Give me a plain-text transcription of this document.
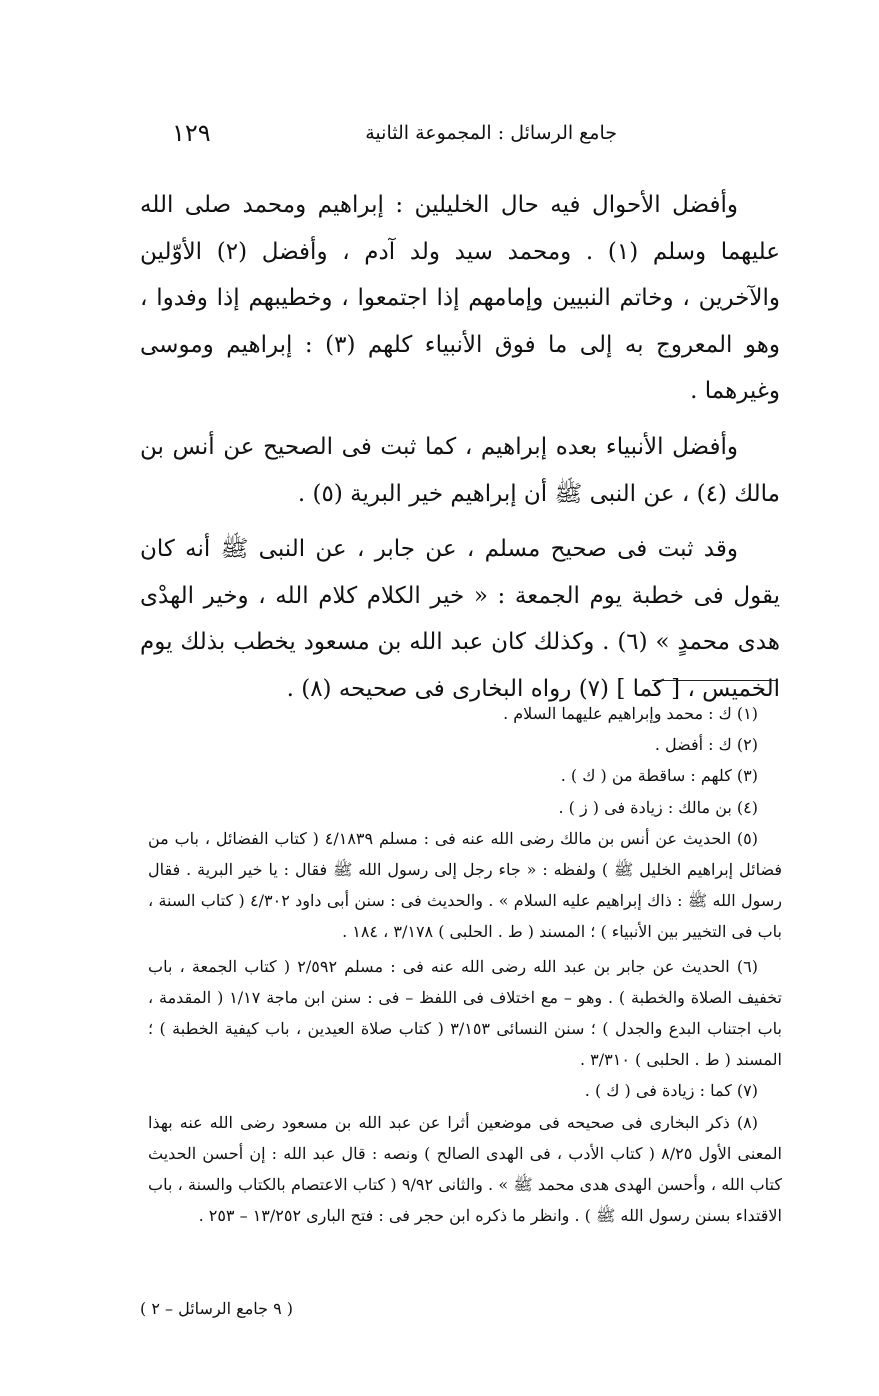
جامع الرسائل : المجموعة الثانية
١٢٩

وأفضل الأحوال فيه حال الخليلين : إبراهيم ومحمد صلى الله عليهما وسلم (١) . ومحمد سيد ولد آدم ، وأفضل (٢) الأوّلين والآخرين ، وخاتم النبيين وإمامهم إذا اجتمعوا ، وخطيبهم إذا وفدوا ، وهو المعروج به إلى ما فوق الأنبياء كلهم (٣) : إبراهيم وموسى وغيرهما .

وأفضل الأنبياء بعده إبراهيم ، كما ثبت فى الصحيح عن أنس بن مالك (٤) ، عن النبى ﷺ أن إبراهيم خير البرية (٥) .

وقد ثبت فى صحيح مسلم ، عن جابر ، عن النبى ﷺ أنه كان يقول فى خطبة يوم الجمعة : « خير الكلام كلام الله ، وخير الهدْى هدى محمدٍ » (٦) . وكذلك كان عبد الله بن مسعود يخطب بذلك يوم الخميس ، [ كما ] (٧) رواه البخارى فى صحيحه (٨) .

(١) ك : محمد وإبراهيم عليهما السلام .

(٢) ك : أفضل .

(٣) كلهم : ساقطة من ( ك ) .

(٤) بن مالك : زيادة فى ( ز ) .

(٥) الحديث عن أنس بن مالك رضى الله عنه فى : مسلم ٤/١٨٣٩ ( كتاب الفضائل ، باب من فضائل إبراهيم الخليل ﷺ ) ولفظه : « جاء رجل إلى رسول الله ﷺ فقال : يا خير البرية . فقال رسول الله ﷺ : ذاك إبراهيم عليه السلام » . والحديث فى : سنن أبى داود ٤/٣٠٢ ( كتاب السنة ، باب فى التخيير بين الأنبياء ) ؛ المسند ( ط . الحلبى ) ٣/١٧٨ ، ١٨٤ .

(٦) الحديث عن جابر بن عبد الله رضى الله عنه فى : مسلم ٢/٥٩٢ ( كتاب الجمعة ، باب تخفيف الصلاة والخطبة ) . وهو – مع اختلاف فى اللفظ – فى : سنن ابن ماجة ١/١٧ ( المقدمة ، باب اجتناب البدع والجدل ) ؛ سنن النسائى ٣/١٥٣ ( كتاب صلاة العيدين ، باب كيفية الخطبة ) ؛ المسند ( ط . الحلبى ) ٣/٣١٠ .

(٧) كما : زيادة فى ( ك ) .

(٨) ذكر البخارى فى صحيحه فى موضعين أثرا عن عبد الله بن مسعود رضى الله عنه بهذا المعنى الأول ٨/٢٥ ( كتاب الأدب ، فى الهدى الصالح ) ونصه : قال عبد الله : إن أحسن الحديث كتاب الله ، وأحسن الهدى هدى محمد ﷺ » . والثانى ٩/٩٢ ( كتاب الاعتصام بالكتاب والسنة ، باب الاقتداء بسنن رسول الله ﷺ ) . وانظر ما ذكره ابن حجر فى : فتح البارى ١٣/٢٥٢ – ٢٥٣ .

( ٩ جامع الرسائل – ٢ )
